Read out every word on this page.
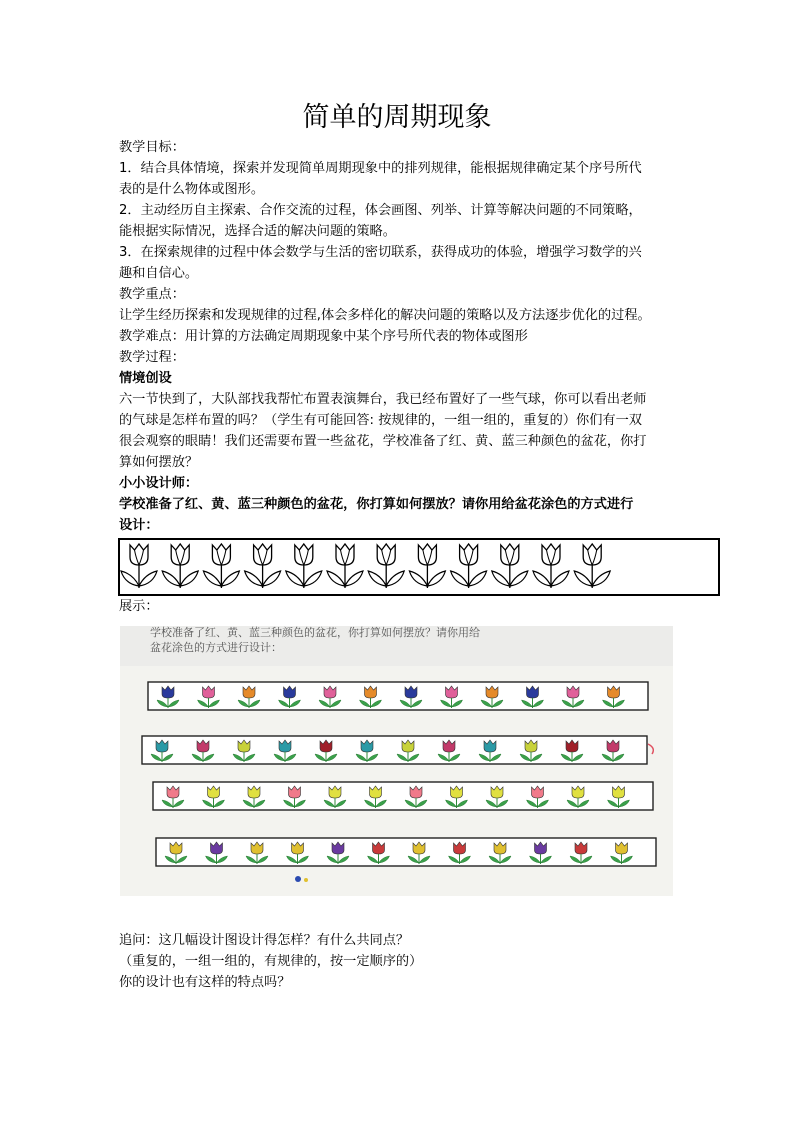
简单的周期现象
教学目标：
1．结合具体情境，探索并发现简单周期现象中的排列规律，能根据规律确定某个序号所代
表的是什么物体或图形。
2．主动经历自主探索、合作交流的过程，体会画图、列举、计算等解决问题的不同策略，
能根据实际情况，选择合适的解决问题的策略。
3．在探索规律的过程中体会数学与生活的密切联系，获得成功的体验，增强学习数学的兴
趣和自信心。
教学重点：
让学生经历探索和发现规律的过程,体会多样化的解决问题的策略以及方法逐步优化的过程。
教学难点：用计算的方法确定周期现象中某个序号所代表的物体或图形
教学过程：
情境创设
六一节快到了，大队部找我帮忙布置表演舞台，我已经布置好了一些气球，你可以看出老师
的气球是怎样布置的吗？（学生有可能回答: 按规律的，一组一组的，重复的）你们有一双
很会观察的眼睛！我们还需要布置一些盆花，学校准备了红、黄、蓝三种颜色的盆花，你打
算如何摆放？
小小设计师：
学校准备了红、黄、蓝三种颜色的盆花，你打算如何摆放？请你用给盆花涂色的方式进行
设计：
展示：
学校准备了红、黄、蓝三种颜色的盆花，你打算如何摆放？请你用给
盆花涂色的方式进行设计：
追问：这几幅设计图设计得怎样？有什么共同点？
（重复的，一组一组的，有规律的，按一定顺序的）
你的设计也有这样的特点吗？
